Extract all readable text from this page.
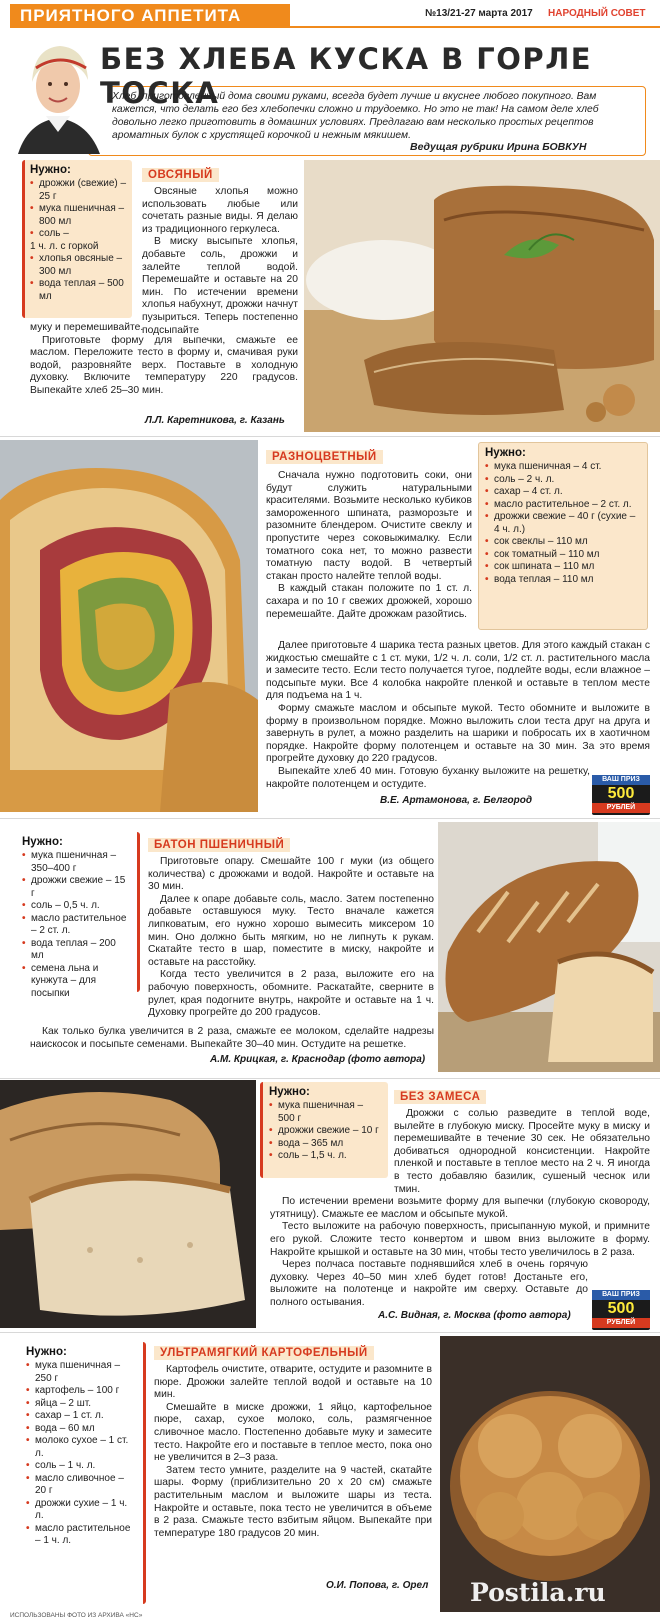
ПРИЯТНОГО АППЕТИТА	№13/21-27 марта 2017 НАРОДНЫЙ СОВЕТ
БЕЗ ХЛЕБА КУСКА В ГОРЛЕ ТОСКА
Хлеб, приготовленный дома своими руками, всегда будет лучше и вкуснее любого покупного. Вам кажется, что делать его без хлебопечки сложно и трудоемко. Но это не так! На самом деле хлеб довольно легко приготовить в домашних условиях. Предлагаю вам несколько простых рецептов ароматных булок с хрустящей корочкой и нежным мякишем.
Ведущая рубрики Ирина БОВКУН
Нужно:
• дрожжи (свежие) – 25 г
• мука пшеничная – 800 мл
• соль –
1 ч. л. с горкой
• хлопья овсяные – 300 мл
• вода теплая – 500 мл
ОВСЯНЫЙ

Овсяные хлопья можно использовать любые или сочетать разные виды. Я делаю из традиционного геркулеса.

В миску высыпьте хлопья, добавьте соль, дрожжи и залейте теплой водой. Перемешайте и оставьте на 20 мин. По истечении времени хлопья набухнут, дрожжи начнут пузыриться. Теперь постепенно подсыпайте

муку и перемешивайте.

Приготовьте форму для выпечки, смажьте ее маслом. Переложите тесто в форму и, смачивая руки водой, разровняйте верх. Поставьте в холодную духовку. Включите температуру 220 градусов. Выпекайте хлеб 25–30 мин.

Л.Л. Каретникова, г. Казань
РАЗНОЦВЕТНЫЙ	Нужно:
• мука пшеничная – 4 ст.
• соль – 2 ч. л.
• сахар – 4 ст. л.
• масло растительное – 2 ст. л.
• дрожжи свежие – 40 г (сухие – 4 ч. л.)
• сок свеклы – 110 мл
• сок томатный – 110 мл
• сок шпината – 110 мл
• вода теплая – 110 мл

Сначала нужно подготовить соки, они будут служить натуральными красителями. Возьмите несколько кубиков замороженного шпината, разморозьте и разомните блендером. Очистите свеклу и пропустите через соковыжималку. Если томатного сока нет, то можно развести томатную пасту водой. В четвертый стакан просто налейте теплой воды.

В каждый стакан положите по 1 ст. л. сахара и по 10 г свежих дрожжей, хорошо перемешайте. Дайте дрожжам разойтись.

Далее приготовьте 4 шарика теста разных цветов. Для этого каждый стакан с жидкостью смешайте с 1 ст. муки, 1/2 ч. л. соли, 1/2 ст. л. растительного масла и замесите тесто. Если тесто получается тугое, подлейте воды, если влажное – подсыпьте муки. Все 4 колобка накройте пленкой и оставьте в теплом месте для подъема на 1 ч.

Форму смажьте маслом и обсыпьте мукой. Тесто обомните и выложите в форму в произвольном порядке. Можно выложить слои теста друг на друга и завернуть в рулет, а можно разделить на шарики и побросать их в хаотичном порядке. Накройте форму полотенцем и оставьте на 30 мин. За это время прогрейте духовку до 220 градусов.

Выпекайте хлеб 40 мин. Готовую буханку выложите на решетку, накройте полотенцем и остудите.

В.Е. Артамонова, г. Белгород
ВАШ ПРИЗ
500
РУБЛЕЙ
Нужно:
• мука пшеничная – 350–400 г
• дрожжи свежие – 15 г
• соль – 0,5 ч. л.
• масло растительное – 2 ст. л.
• вода теплая – 200 мл
• семена льна и кунжута – для посыпки
БАТОН ПШЕНИЧНЫЙ

Приготовьте опару. Смешайте 100 г муки (из общего количества) с дрожжами и водой. Накройте и оставьте на 30 мин.

Далее к опаре добавьте соль, масло. Затем постепенно добавьте оставшуюся муку. Тесто вначале кажется липковатым, его нужно хорошо вымесить миксером 10 мин. Оно должно быть мягким, но не липнуть к рукам. Скатайте тесто в шар, поместите в миску, накройте и оставьте на расстойку.

Когда тесто увеличится в 2 раза, выложите его на рабочую поверхность, обомните. Раскатайте, сверните в рулет, края подогните внутрь, накройте и оставьте на 1 ч. Духовку прогрейте до 200 градусов.

Как только булка увеличится в 2 раза, смажьте ее молоком, сделайте надрезы наискосок и посыпьте семенами. Выпекайте 30–40 мин. Остудите на решетке.

А.М. Крицкая, г. Краснодар (фото автора)
Нужно:
• мука пшеничная – 500 г
• дрожжи свежие – 10 г
• вода – 365 мл
• соль – 1,5 ч. л.
БЕЗ ЗАМЕСА

Дрожжи с солью разведите в теплой воде, вылейте в глубокую миску. Просейте муку в миску и перемешивайте в течение 30 сек. Не обязательно добиваться однородной консистенции. Накройте пленкой и поставьте в теплое место на 2 ч. Я иногда в тесто добавляю базилик, сушеный чеснок или тмин.

По истечении времени возьмите форму для выпечки (глубокую сковороду, утятницу). Смажьте ее маслом и обсыпьте мукой.

Тесто выложите на рабочую поверхность, присыпанную мукой, и примните его рукой. Сложите тесто конвертом и швом вниз выложите в форму. Накройте крышкой и оставьте на 30 мин, чтобы тесто увеличилось в 2 раза.

Через полчаса поставьте поднявшийся хлеб в очень горячую духовку. Через 40–50 мин хлеб будет готов! Достаньте его, выложите на полотенце и накройте им сверху. Оставьте до полного остывания.

А.С. Видная, г. Москва (фото автора)
ВАШ ПРИЗ
500
РУБЛЕЙ
Нужно:
• мука пшеничная – 250 г
• картофель – 100 г
• яйца – 2 шт.
• сахар – 1 ст. л.
• вода – 60 мл
• молоко сухое – 1 ст. л.
• соль – 1 ч. л.
• масло сливочное – 20 г
• дрожжи сухие – 1 ч. л.
• масло растительное – 1 ч. л.
УЛЬТРАМЯГКИЙ КАРТОФЕЛЬНЫЙ

Картофель очистите, отварите, остудите и разомните в пюре. Дрожжи залейте теплой водой и оставьте на 10 мин.

Смешайте в миске дрожжи, 1 яйцо, картофельное пюре, сахар, сухое молоко, соль, размягченное сливочное масло. Постепенно добавьте муку и замесите тесто. Накройте его и поставьте в теплое место, пока оно не увеличится в 2–3 раза.

Затем тесто умните, разделите на 9 частей, скатайте шары. Форму (приблизительно 20 х 20 см) смажьте растительным маслом и выложите шары из теста. Накройте и оставьте, пока тесто не увеличится в объеме в 2 раза. Смажьте тесто взбитым яйцом. Выпекайте при температуре 180 градусов 20 мин.

О.И. Попова, г. Орел Postila.ru
ИСПОЛЬЗОВАНЫ ФОТО ИЗ АРХИВА «НС»
